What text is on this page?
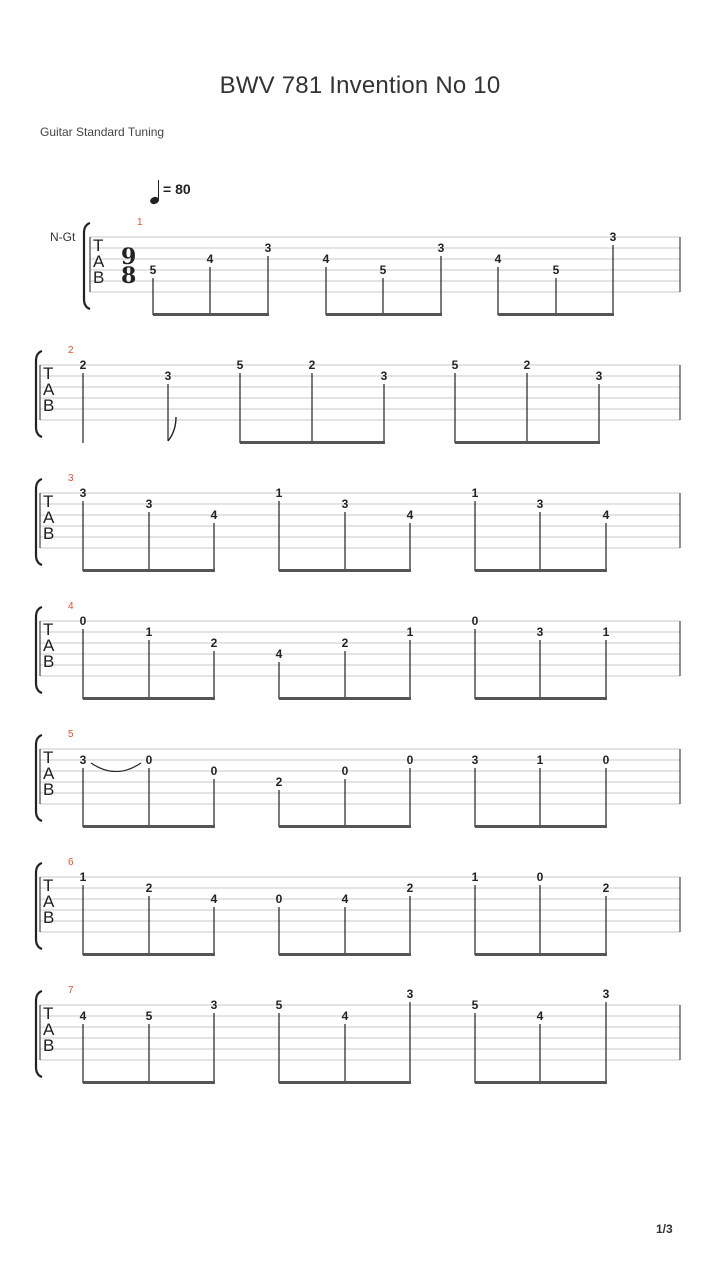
BWV 781 Invention No 10
Guitar Standard Tuning
= 80
N-Gt T
A
B
9
8
1
5
4
3
4
5
3
4
5
3
T
A
B
2
2
3
5	2
3
5	2
3
T
A
B
3
3
3
4
1
3
4
1
3
4
T
A
B
4
0
1
2
4
2
1
0
3	1
T
A
B
5
3	0
0
2
0
0	3	1	0
T
A
B
6
1
2
4	0	4
2
1	0
2
T
A
B
7
4	5
3	5
4
3
5
4
3
1/3
